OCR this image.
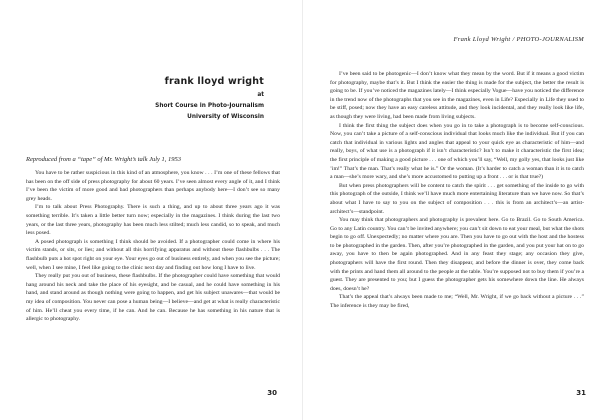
frank lloyd wright
at
Short Course in Photo-Journalism
University of Wisconsin
Reproduced from a “tape” of Mr. Wright’s talk July 1, 1953

You have to be rather suspicious in this kind of an atmosphere, you know . . . I’m one of these fellows that has been on the off side of press photography for about 60 years. I’ve seen almost every angle of it, and I think I’ve been the victim of more good and bad photographers than perhaps anybody here—I don’t see so many grey heads.

I’m to talk about Press Photography. There is such a thing, and up to about three years ago it was something terrible. It’s taken a little better turn now; especially in the magazines. I think during the last two years, or the last three years, photography has been much less stilted; much less candid, so to speak, and much less posed.

A posed photograph is something I think should be avoided. If a photographer could come in where his victim stands, or sits, or lies; and without all this horrifying apparatus and without these flashbulbs . . . The flashbulb puts a hot spot right on your eye. Your eyes go out of business entirely, and when you see the picture; well, when I see mine, I feel like going to the clinic next day and finding out how long I have to live.

They really put you out of business, these flashbulbs. If the photographer could have something that would hang around his neck and take the place of his eyesight, and be casual, and he could have something in his hand, and stand around as though nothing were going to happen, and get his subject unawares—that would be my idea of composition. You never can pose a human being—I believe—and get at what is really characteristic of him. He’ll cheat you every time, if he can. And he can. Because he has something in his nature that is allergic to photography.

30
Frank Lloyd Wright / PHOTO-JOURNALISM

I’ve been said to be photogenic—I don’t know what they mean by the word. But if it means a good victim for photography, maybe that’s it. But I think the easier the thing is made for the subject, the better the result is going to be. If you’ve noticed the magazines lately—I think especially Vogue—have you noticed the difference in the trend now of the photographs that you see in the magazines, even in Life? Especially in Life they used to be stiff, posed; now they have an easy careless attitude, and they look incidental, and they really look like life, as though they were living, had been made from living subjects.

I think the first thing the subject does when you go in to take a photograph is to become self-conscious. Now, you can’t take a picture of a self-conscious individual that looks much like the individual. But if you can catch that individual in various lights and angles that appeal to your quick eye as characteristic of him—and really, boys, of what use is a photograph if it isn’t characteristic? Isn’t to make it characteristic the first idea; the first principle of making a good picture . . . one of which you’ll say, “Well, my golly yes, that looks just like ’im!” That’s the man. That’s really what he is.” Or the woman. (It’s harder to catch a woman than it is to catch a man—she’s more wary, and she’s more accustomed to putting up a front . . . or is that true?)

But when press photographers will be content to catch the spirit . . . get something of the inside to go with this photograph of the outside, I think we’ll have much more entertaining literature than we have now. So that’s about what I have to say to you on the subject of composition . . . this is from an architect’s—an artist-architect’s—standpoint.

You may think that photographers and photography is prevalent here. Go to Brazil. Go to South America. Go to any Latin country. You can’t be invited anywhere; you can’t sit down to eat your meal, but what the shots begin to go off. Unexpectedly; no matter where you are. Then you have to go out with the host and the hostess to be photographed in the garden. Then, after you’re photographed in the garden, and you put your hat on to go away, you have to then be again photographed. And in any feast they stage; any occasion they give, photographers will have the first round. Then they disappear, and before the dinner is over, they come back with the prints and hand them all around to the people at the table. You’re supposed not to buy them if you’re a guest. They are presented to you; but I guess the photographer gets his somewhere down the line. He always does, doesn’t he?

That’s the appeal that’s always been made to me; “Well, Mr. Wright, if we go back without a picture . . .” The inference is they may be fired,

31
